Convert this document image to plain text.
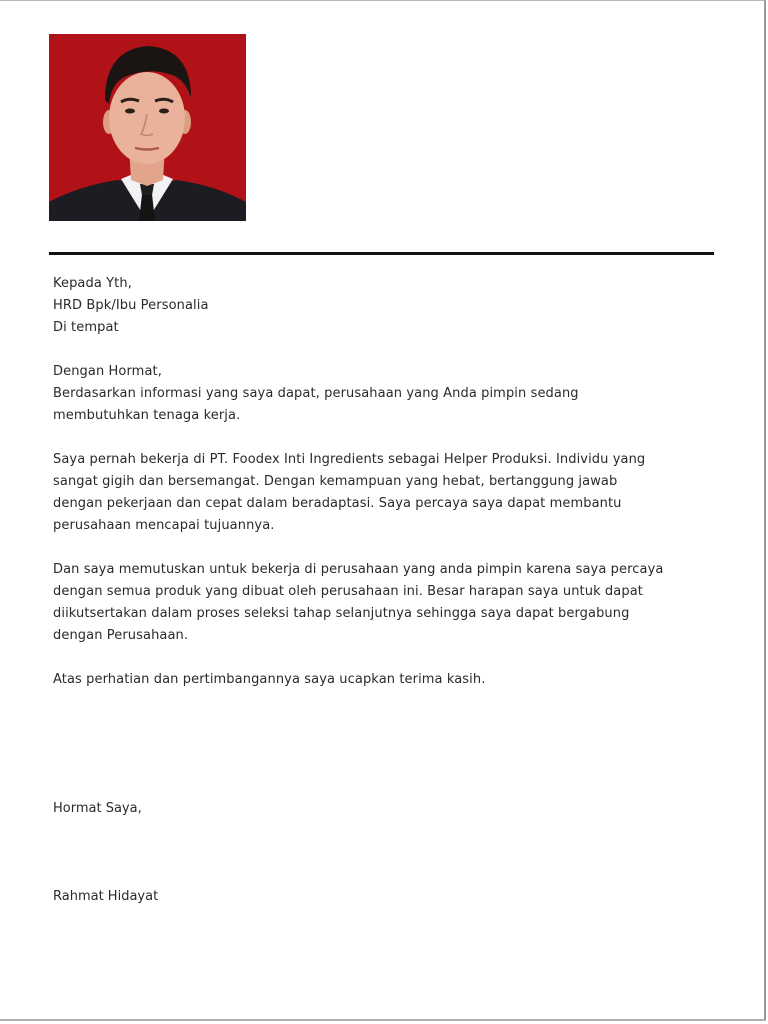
Kepada Yth,

HRD Bpk/Ibu Personalia

Di tempat

Dengan Hormat,

Berdasarkan informasi yang saya dapat, perusahaan yang Anda pimpin sedang

membutuhkan tenaga kerja.

Saya pernah bekerja di PT. Foodex Inti Ingredients sebagai Helper Produksi. Individu yang

sangat gigih dan bersemangat. Dengan kemampuan yang hebat, bertanggung jawab

dengan pekerjaan dan cepat dalam beradaptasi. Saya percaya saya dapat membantu

perusahaan mencapai tujuannya.

Dan saya memutuskan untuk bekerja di perusahaan yang anda pimpin karena saya percaya

dengan semua produk yang dibuat oleh perusahaan ini. Besar harapan saya untuk dapat

diikutsertakan dalam proses seleksi tahap selanjutnya sehingga saya dapat bergabung

dengan Perusahaan.

Atas perhatian dan pertimbangannya saya ucapkan terima kasih.

Hormat Saya,
Rahmat Hidayat
